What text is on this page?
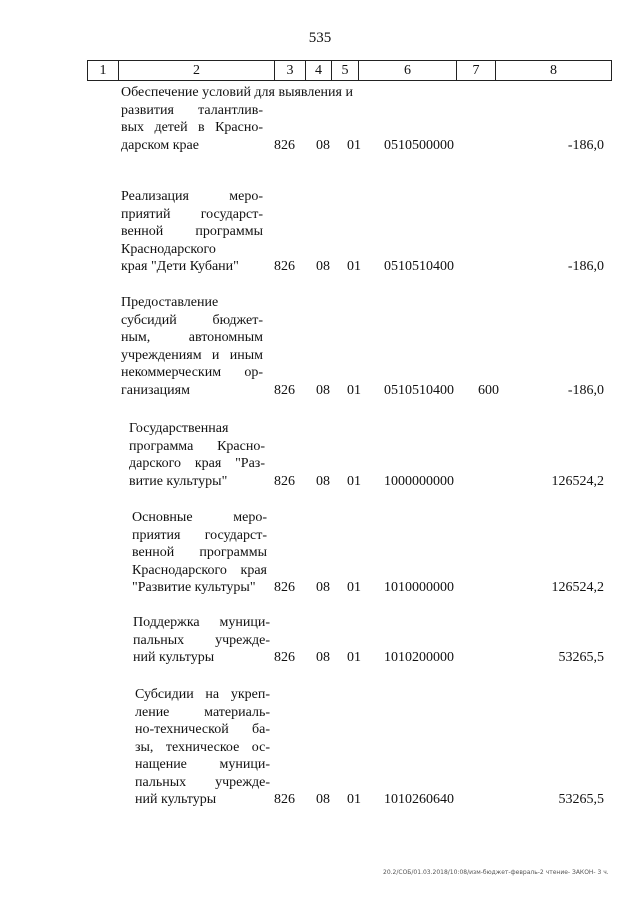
535
1	2	3	4	5	6	7	8
Обеспечение условий для выявления и
развития талантлив-
вых детей в Красно-
дарском крае	826 08 01 0510500000	-186,0
Реализация мерo-
приятий государст-
венной программы
Краснодарского
края "Дети Кубани"	826 08 01 0510510400	-186,0
Предоставление
субсидий бюджет-
ным, автономным
учреждениям и иным
некоммерческим ор-
ганизациям	826 08 01 0510510400 600	-186,0
Государственная
программа Красно-
дарского края "Раз-
витие культуры"	826 08 01 1000000000	126524,2
Основные меро-
приятия государст-
венной программы
Краснодарского края
"Развитие культуры"	826 08 01 1010000000	126524,2
Поддержка муници-
пальных учрежде-
ний культуры	826 08 01 1010200000	53265,5
Субсидии на укреп-
ление материаль-
но-технической ба-
зы, техническое ос-
нащение муници-
пальных учрежде-
ний культуры	826 08 01 1010260640	53265,5
20.2/СОБ/01.03.2018/10:08/изм-бюджет-февраль-2 чтение- ЗАКОН- 3 ч.
